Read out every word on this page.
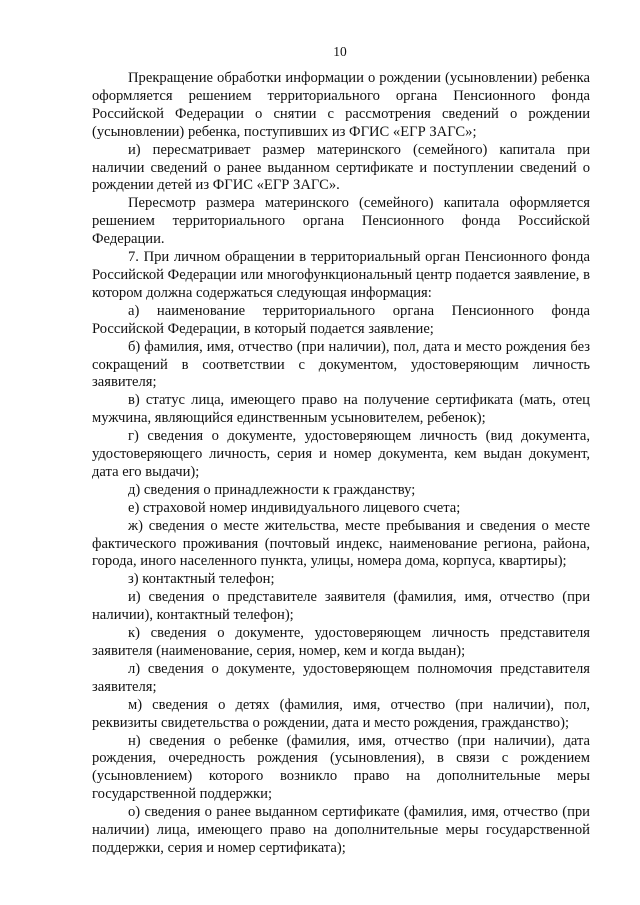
10

Прекращение обработки информации о рождении (усыновлении) ребенка оформляется решением территориального органа Пенсионного фонда Российской Федерации о снятии с рассмотрения сведений о рождении (усыновлении) ребенка, поступивших из ФГИС «ЕГР ЗАГС»;

и) пересматривает размер материнского (семейного) капитала при наличии сведений о ранее выданном сертификате и поступлении сведений о рождении детей из ФГИС «ЕГР ЗАГС».

Пересмотр размера материнского (семейного) капитала оформляется решением территориального органа Пенсионного фонда Российской Федерации.

7. При личном обращении в территориальный орган Пенсионного фонда Российской Федерации или многофункциональный центр подается заявление, в котором должна содержаться следующая информация:

а) наименование территориального органа Пенсионного фонда Российской Федерации, в который подается заявление;

б) фамилия, имя, отчество (при наличии), пол, дата и место рождения без сокращений в соответствии с документом, удостоверяющим личность заявителя;

в) статус лица, имеющего право на получение сертификата (мать, отец мужчина, являющийся единственным усыновителем, ребенок);

г) сведения о документе, удостоверяющем личность (вид документа, удостоверяющего личность, серия и номер документа, кем выдан документ, дата его выдачи);

д) сведения о принадлежности к гражданству;

е) страховой номер индивидуального лицевого счета;

ж) сведения о месте жительства, месте пребывания и сведения о месте фактического проживания (почтовый индекс, наименование региона, района, города, иного населенного пункта, улицы, номера дома, корпуса, квартиры);

з) контактный телефон;

и) сведения о представителе заявителя (фамилия, имя, отчество (при наличии), контактный телефон);

к) сведения о документе, удостоверяющем личность представителя заявителя (наименование, серия, номер, кем и когда выдан);

л) сведения о документе, удостоверяющем полномочия представителя заявителя;

м) сведения о детях (фамилия, имя, отчество (при наличии), пол, реквизиты свидетельства о рождении, дата и место рождения, гражданство);

н) сведения о ребенке (фамилия, имя, отчество (при наличии), дата рождения, очередность рождения (усыновления), в связи с рождением (усыновлением) которого возникло право на дополнительные меры государственной поддержки;

о) сведения о ранее выданном сертификате (фамилия, имя, отчество (при наличии) лица, имеющего право на дополнительные меры государственной поддержки, серия и номер сертификата);
